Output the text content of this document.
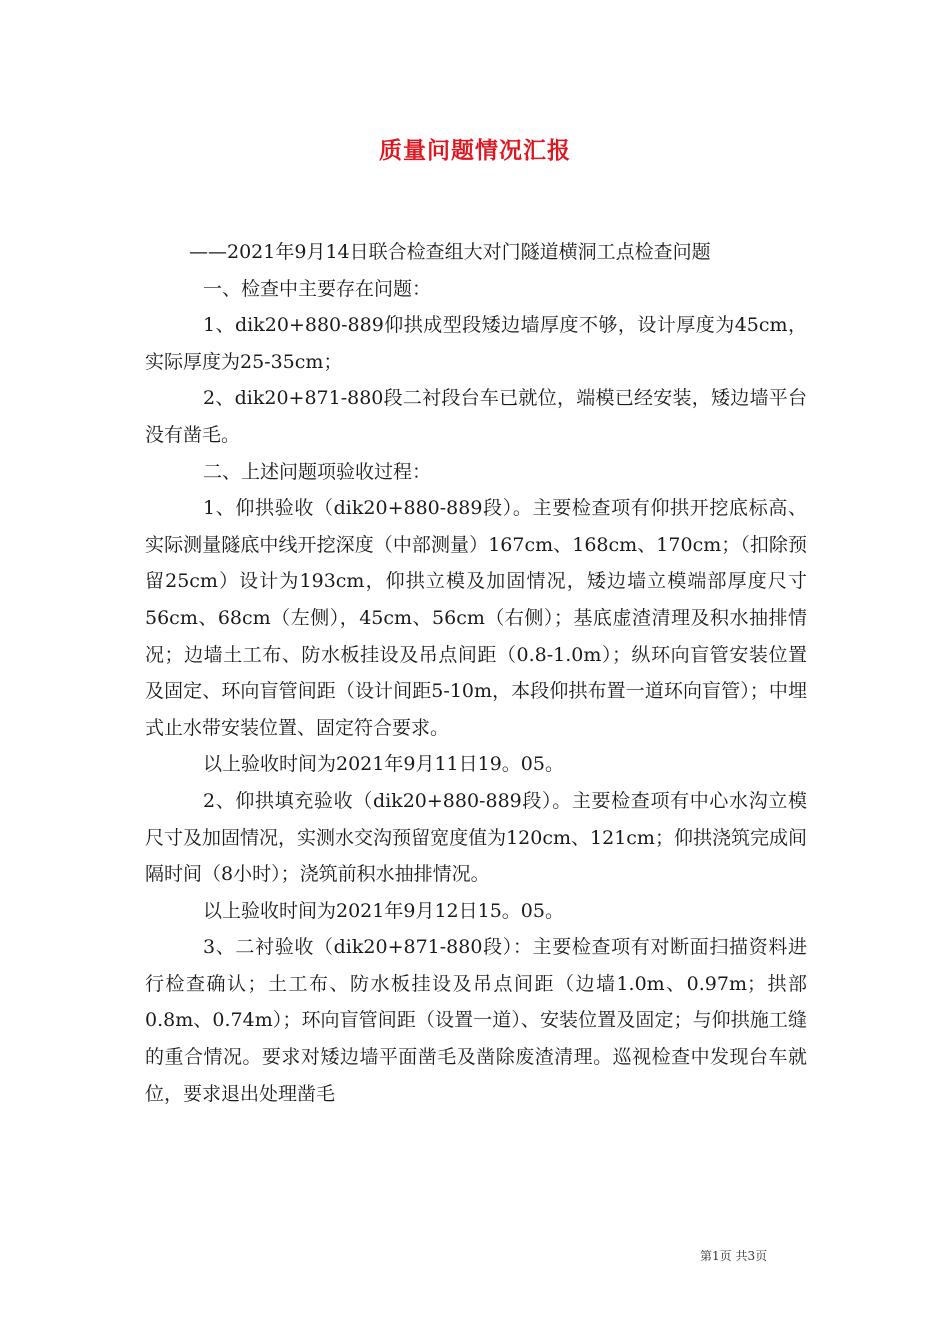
质量问题情况汇报

——2021年9月14日联合检查组大对门隧道横洞工点检查问题

一、检查中主要存在问题：

1、dik20+880-889仰拱成型段矮边墙厚度不够，设计厚度为45cm，实际厚度为25-35cm；

2、dik20+871-880段二衬段台车已就位，端模已经安装，矮边墙平台没有凿毛。

二、上述问题项验收过程：

1、仰拱验收（dik20+880-889段）。主要检查项有仰拱开挖底标高、实际测量隧底中线开挖深度（中部测量）167cm、168cm、170cm；（扣除预留25cm）设计为193cm，仰拱立模及加固情况，矮边墙立模端部厚度尺寸56cm、68cm（左侧），45cm、56cm（右侧）；基底虚渣清理及积水抽排情况；边墙土工布、防水板挂设及吊点间距（0.8-1.0m）；纵环向盲管安装位置及固定、环向盲管间距（设计间距5-10m，本段仰拱布置一道环向盲管）；中埋式止水带安装位置、固定符合要求。

以上验收时间为2021年9月11日19。05。

2、仰拱填充验收（dik20+880-889段）。主要检查项有中心水沟立模尺寸及加固情况，实测水交沟预留宽度值为120cm、121cm；仰拱浇筑完成间隔时间（8小时）；浇筑前积水抽排情况。

以上验收时间为2021年9月12日15。05。

3、二衬验收（dik20+871-880段）：主要检查项有对断面扫描资料进行检查确认；土工布、防水板挂设及吊点间距（边墙1.0m、0.97m；拱部0.8m、0.74m）；环向盲管间距（设置一道）、安装位置及固定；与仰拱施工缝的重合情况。要求对矮边墙平面凿毛及凿除废渣清理。巡视检查中发现台车就位，要求退出处理凿毛

第1页 共3页
